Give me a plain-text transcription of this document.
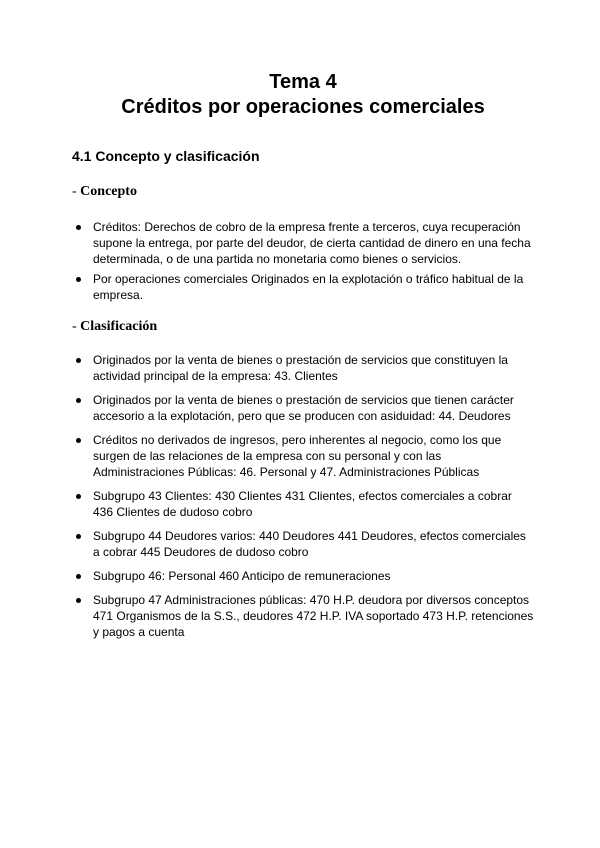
Tema 4
Créditos por operaciones comerciales
4.1 Concepto y clasificación
- Concepto
Créditos: Derechos de cobro de la empresa frente a terceros, cuya recuperación supone la entrega, por parte del deudor, de cierta cantidad de dinero en una fecha determinada, o de una partida no monetaria como bienes o servicios.
Por operaciones comerciales Originados en la explotación o tráfico habitual de la empresa.
- Clasificación
Originados por la venta de bienes o prestación de servicios que constituyen la actividad principal de la empresa: 43. Clientes
Originados por la venta de bienes o prestación de servicios que tienen carácter accesorio a la explotación, pero que se producen con asiduidad: 44. Deudores
Créditos no derivados de ingresos, pero inherentes al negocio, como los que surgen de las relaciones de la empresa con su personal y con las Administraciones Públicas: 46. Personal y 47. Administraciones Públicas
Subgrupo 43 Clientes: 430 Clientes 431 Clientes, efectos comerciales a cobrar 436 Clientes de dudoso cobro
Subgrupo 44 Deudores varios: 440 Deudores 441 Deudores, efectos comerciales a cobrar 445 Deudores de dudoso cobro
Subgrupo 46: Personal 460 Anticipo de remuneraciones
Subgrupo 47 Administraciones públicas: 470 H.P. deudora por diversos conceptos 471 Organismos de la S.S., deudores 472 H.P. IVA soportado 473 H.P. retenciones y pagos a cuenta
